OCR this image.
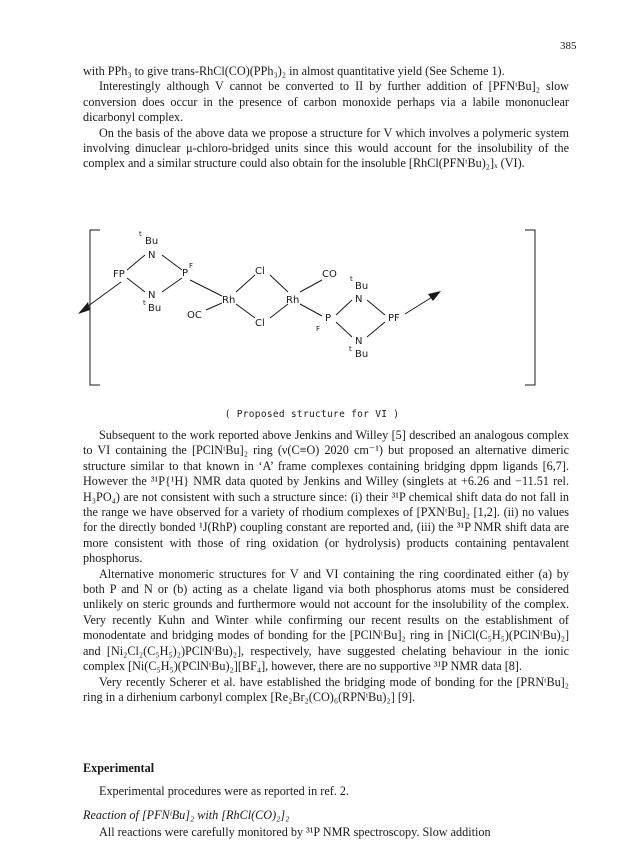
385

with PPh₃ to give trans-RhCl(CO)(PPh₃)₂ in almost quantitative yield (See Scheme 1).

Interestingly although V cannot be converted to II by further addition of [PFNᵗBu]₂ slow conversion does occur in the presence of carbon monoxide perhaps via a labile mononuclear dicarbonyl complex.

On the basis of the above data we propose a structure for V which involves a polymeric system involving dinuclear μ-chloro-bridged units since this would account for the insolubility of the complex and a similar structure could also obtain for the insoluble [RhCl(PFNᵗBu)₂]ₓ (VI).

t
Bu
N
FP	P
F
N
t Bu
Rh
OC
Cl
Cl
Rh
CO t
Bu
N
P
F
PF
N
t Bu
( Proposed structure for VI )

Subsequent to the work reported above Jenkins and Willey [5] described an analogous complex to VI containing the [PClNᵗBu]₂ ring (ν(C≡O) 2020 cm⁻¹) but proposed an alternative dimeric structure similar to that known in ‘A’ frame complexes containing bridging dppm ligands [6,7]. However the ³¹P{¹H} NMR data quoted by Jenkins and Willey (singlets at +6.26 and −11.51 rel. H₃PO₄) are not consistent with such a structure since: (i) their ³¹P chemical shift data do not fall in the range we have observed for a variety of rhodium complexes of [PXNᵗBu]₂ [1,2]. (ii) no values for the directly bonded ¹J(RhP) coupling constant are reported and, (iii) the ³¹P NMR shift data are more consistent with those of ring oxidation (or hydrolysis) products containing pentavalent phosphorus.

Alternative monomeric structures for V and VI containing the ring coordinated either (a) by both P and N or (b) acting as a chelate ligand via both phosphorus atoms must be considered unlikely on steric grounds and furthermore would not account for the insolubility of the complex. Very recently Kuhn and Winter while confirming our recent results on the establishment of monodentate and bridging modes of bonding for the [PClNᵗBu]₂ ring in [NiCl(C₅H₅)(PClNᵗBu)₂] and [Ni₂Cl₂(C₅H₅)₂)PClNᵗBu)₂], respectively, have suggested chelating behaviour in the ionic complex [Ni(C₅H₅)(PClNᵗBu)₂][BF₄], however, there are no supportive ³¹P NMR data [8].

Very recently Scherer et al. have established the bridging mode of bonding for the [PRNᵗBu]₂ ring in a dirhenium carbonyl complex [Re₂Br₂(CO)₆(RPNᵗBu)₂] [9].

Experimental
Experimental procedures were as reported in ref. 2.
Reaction of [PFNᵗBu]₂ with [RhCl(CO)₂]₂
All reactions were carefully monitored by ³¹P NMR spectroscopy. Slow addition
